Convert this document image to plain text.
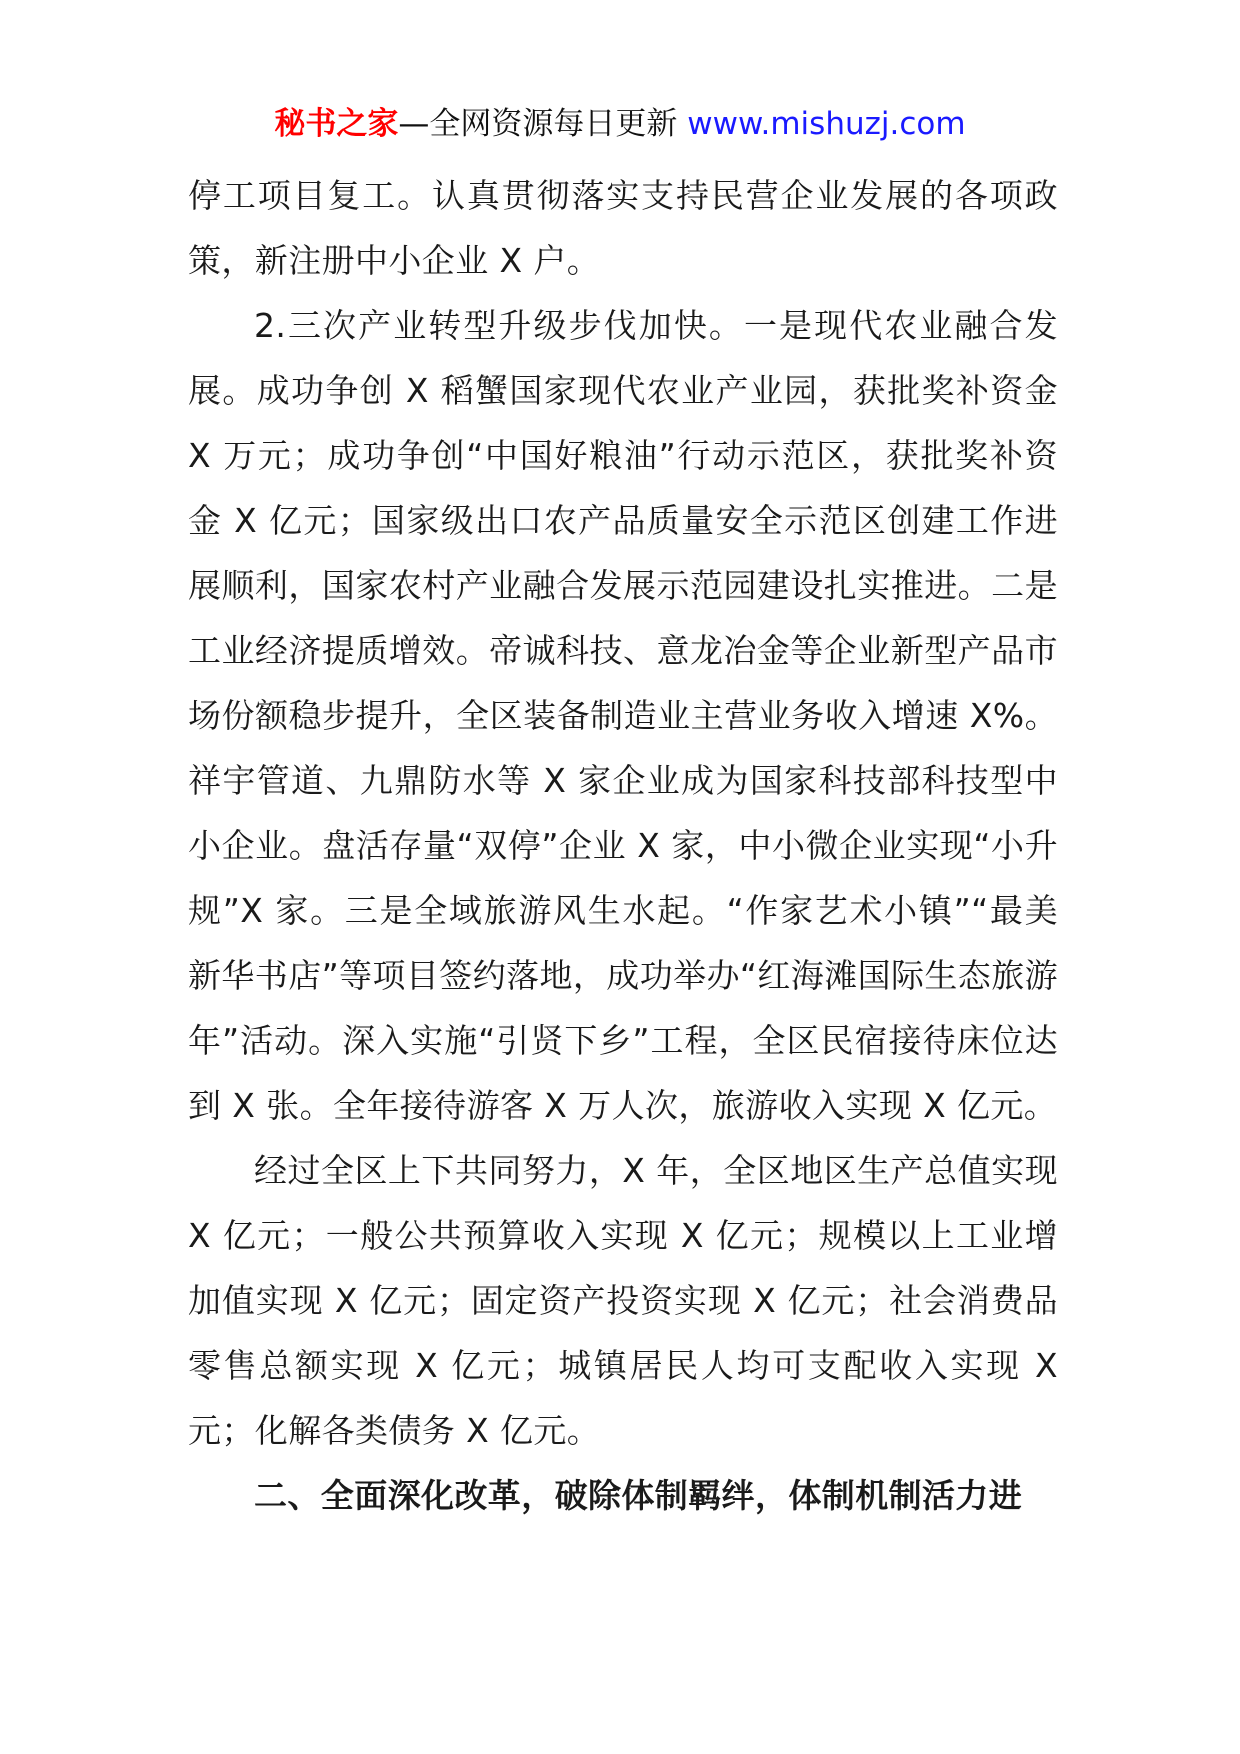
秘书之家—全网资源每日更新 www.mishuzj.com

停工项目复工。认真贯彻落实支持民营企业发展的各项政策，新注册中小企业 X 户。

2.三次产业转型升级步伐加快。一是现代农业融合发展。成功争创 X 稻蟹国家现代农业产业园，获批奖补资金 X 万元；成功争创“中国好粮油”行动示范区，获批奖补资金 X 亿元；国家级出口农产品质量安全示范区创建工作进展顺利，国家农村产业融合发展示范园建设扎实推进。二是工业经济提质增效。帝诚科技、意龙冶金等企业新型产品市场份额稳步提升，全区装备制造业主营业务收入增速 X%。祥宇管道、九鼎防水等 X 家企业成为国家科技部科技型中小企业。盘活存量“双停”企业 X 家，中小微企业实现“小升规”X 家。三是全域旅游风生水起。“作家艺术小镇”“最美新华书店”等项目签约落地，成功举办“红海滩国际生态旅游年”活动。深入实施“引贤下乡”工程，全区民宿接待床位达到 X 张。全年接待游客 X 万人次，旅游收入实现 X 亿元。

经过全区上下共同努力，X 年，全区地区生产总值实现 X 亿元；一般公共预算收入实现 X 亿元；规模以上工业增加值实现 X 亿元；固定资产投资实现 X 亿元；社会消费品零售总额实现 X 亿元；城镇居民人均可支配收入实现 X 元；化解各类债务 X 亿元。

二、全面深化改革，破除体制羁绊，体制机制活力进
